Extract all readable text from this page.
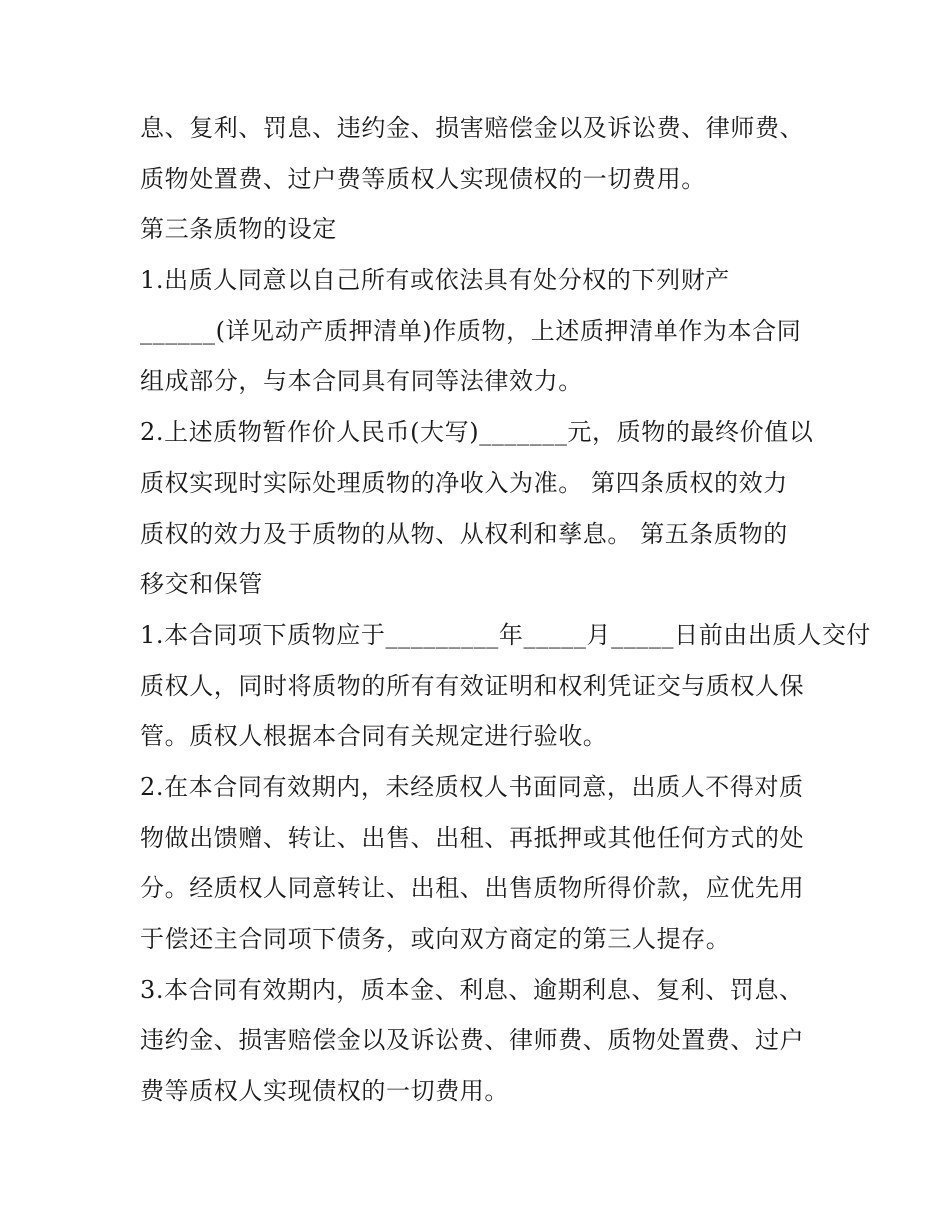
息、复利、罚息、违约金、损害赔偿金以及诉讼费、律师费、
质物处置费、过户费等质权人实现债权的一切费用。
第三条质物的设定
1.出质人同意以自己所有或依法具有处分权的下列财产
______(详见动产质押清单)作质物，上述质押清单作为本合同
组成部分，与本合同具有同等法律效力。
2.上述质物暂作价人民币(大写)_______元，质物的最终价值以
质权实现时实际处理质物的净收入为准。 第四条质权的效力
质权的效力及于质物的从物、从权利和孳息。 第五条质物的
移交和保管
1.本合同项下质物应于_________年_____月_____日前由出质人交付
质权人，同时将质物的所有有效证明和权利凭证交与质权人保
管。质权人根据本合同有关规定进行验收。
2.在本合同有效期内，未经质权人书面同意，出质人不得对质
物做出馈赠、转让、出售、出租、再抵押或其他任何方式的处
分。经质权人同意转让、出租、出售质物所得价款，应优先用
于偿还主合同项下债务，或向双方商定的第三人提存。
3.本合同有效期内，质本金、利息、逾期利息、复利、罚息、
违约金、损害赔偿金以及诉讼费、律师费、质物处置费、过户
费等质权人实现债权的一切费用。
